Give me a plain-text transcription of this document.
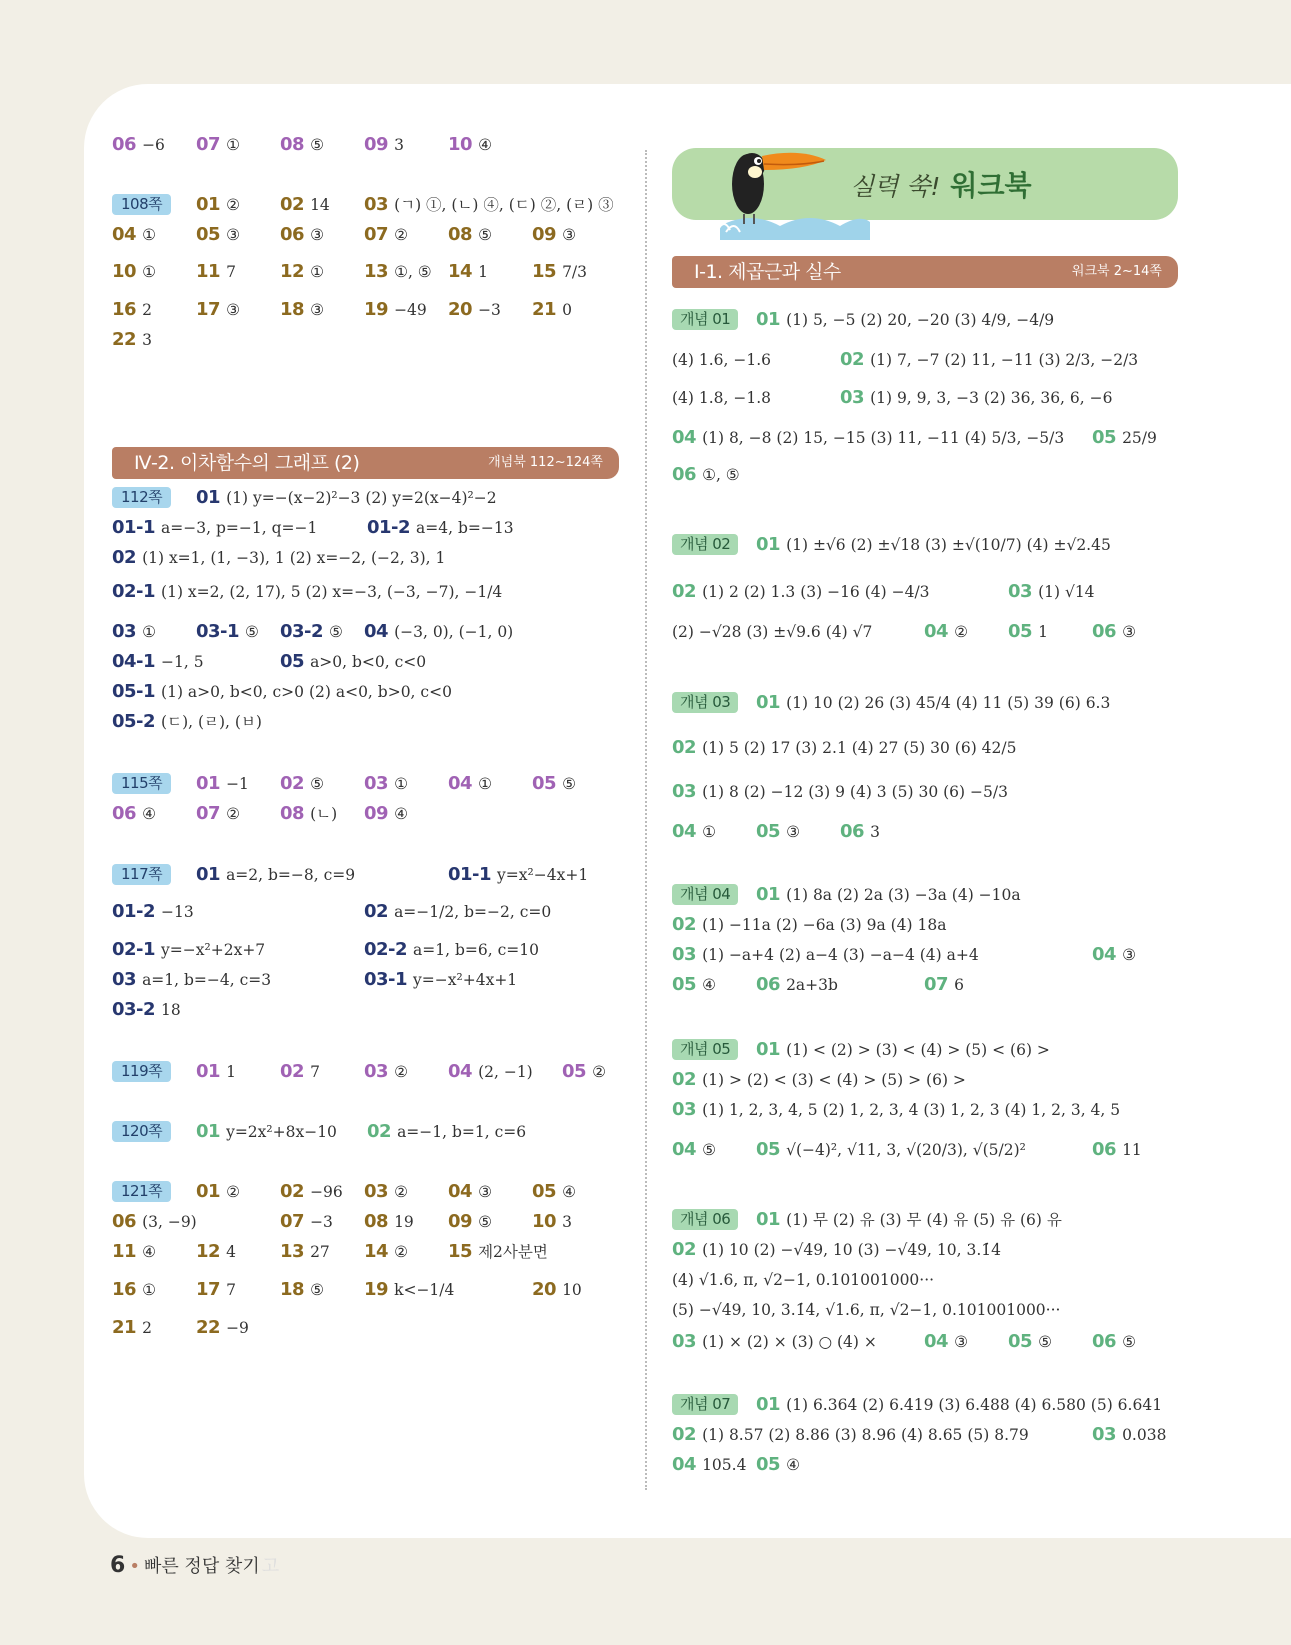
06 −6 07 ① 08 ⑤ 09 3 10 ④
108쪽	01 ② 02 14 03 (ㄱ) ①, (ㄴ) ④, (ㄷ) ②, (ㄹ) ③
04 ① 05 ③ 06 ③ 07 ② 08 ⑤ 09 ③
10 ① 11 7 12 ① 13 ①, ⑤ 14 1 15 7/3
16 2 17 ③ 18 ③ 19 −49 20 −3 21 0
22 3
112쪽	01 (1) y=−(x−2)²−3 (2) y=2(x−4)²−2
01-1 a=−3, p=−1, q=−1	01-2 a=4, b=−13
02 (1) x=1, (1, −3), 1 (2) x=−2, (−2, 3), 1
02-1 (1) x=2, (2, 17), 5 (2) x=−3, (−3, −7), −1/4
03 ① 03-1 ⑤ 03-2 ⑤ 04 (−3, 0), (−1, 0)
04-1 −1, 5	05 a>0, b<0, c<0
05-1 (1) a>0, b<0, c>0 (2) a<0, b>0, c<0
05-2 (ㄷ), (ㄹ), (ㅂ)
115쪽	01 −1 02 ⑤ 03 ① 04 ① 05 ⑤
06 ④ 07 ② 08 (ㄴ) 09 ④
117쪽	01 a=2, b=−8, c=9	01-1 y=x²−4x+1
01-2 −13	02 a=−1/2, b=−2, c=0
02-1 y=−x²+2x+7	02-2 a=1, b=6, c=10
03 a=1, b=−4, c=3	03-1 y=−x²+4x+1
03-2 18
119쪽	01 1 02 7 03 ② 04 (2, −1) 05 ②
120쪽	01 y=2x²+8x−10 02 a=−1, b=1, c=6
121쪽	01 ② 02 −96 03 ② 04 ③ 05 ④
06 (3, −9)	07 −3 08 19 09 ⑤ 10 3
11 ④ 12 4 13 27 14 ② 15 제2사분면
16 ① 17 7 18 ⑤ 19 k<−1/4	20 10
21 2 22 −9
개념 01	01 (1) 5, −5 (2) 20, −20 (3) 4/9, −4/9
(4) 1.6, −1.6	02 (1) 7, −7 (2) 11, −11 (3) 2/3, −2/3
(4) 1.8, −1.8	03 (1) 9, 9, 3, −3 (2) 36, 36, 6, −6
04 (1) 8, −8 (2) 15, −15 (3) 11, −11 (4) 5/3, −5/3 05 25/9
06 ①, ⑤
개념 02	01 (1) ±√6 (2) ±√18 (3) ±√(10/7) (4) ±√2.45
02 (1) 2 (2) 1.3 (3) −16 (4) −4/3	03 (1) √14
(2) −√28 (3) ±√9.6 (4) √7	04 ② 05 1 06 ③
개념 03	01 (1) 10 (2) 26 (3) 45/4 (4) 11 (5) 39 (6) 6.3
02 (1) 5 (2) 17 (3) 2.1 (4) 27 (5) 30 (6) 42/5
03 (1) 8 (2) −12 (3) 9 (4) 3 (5) 30 (6) −5/3
04 ① 05 ③ 06 3
개념 04	01 (1) 8a (2) 2a (3) −3a (4) −10a
02 (1) −11a (2) −6a (3) 9a (4) 18a
03 (1) −a+4 (2) a−4 (3) −a−4 (4) a+4	04 ③
05 ④ 06 2a+3b	07 6
개념 05	01 (1) < (2) > (3) < (4) > (5) < (6) >
02 (1) > (2) < (3) < (4) > (5) > (6) >
03 (1) 1, 2, 3, 4, 5 (2) 1, 2, 3, 4 (3) 1, 2, 3 (4) 1, 2, 3, 4, 5
04 ⑤ 05 √(−4)², √11, 3, √(20/3), √(5/2)²	06 11
개념 06	01 (1) 무 (2) 유 (3) 무 (4) 유 (5) 유 (6) 유
02 (1) 10 (2) −√49, 10 (3) −√49, 10, 3.1̇4̇
(4) √1.6, π, √2−1, 0.101001000···
(5) −√49, 10, 3.1̇4̇, √1.6, π, √2−1, 0.101001000···
03 (1) × (2) × (3) ○ (4) ×	04 ③ 05 ⑤ 06 ⑤
개념 07	01 (1) 6.364 (2) 6.419 (3) 6.488 (4) 6.580 (5) 6.641
02 (1) 8.57 (2) 8.86 (3) 8.96 (4) 8.65 (5) 8.79	03 0.038
04 105.4 05 ④
Ⅳ-2. 이차함수의 그래프 (2)	개념북 112~124쪽
실력 쑥! 워크북
Ⅰ-1. 제곱근과 실수	워크북 2~14쪽
6 • 빠른 정답 찾기 고
